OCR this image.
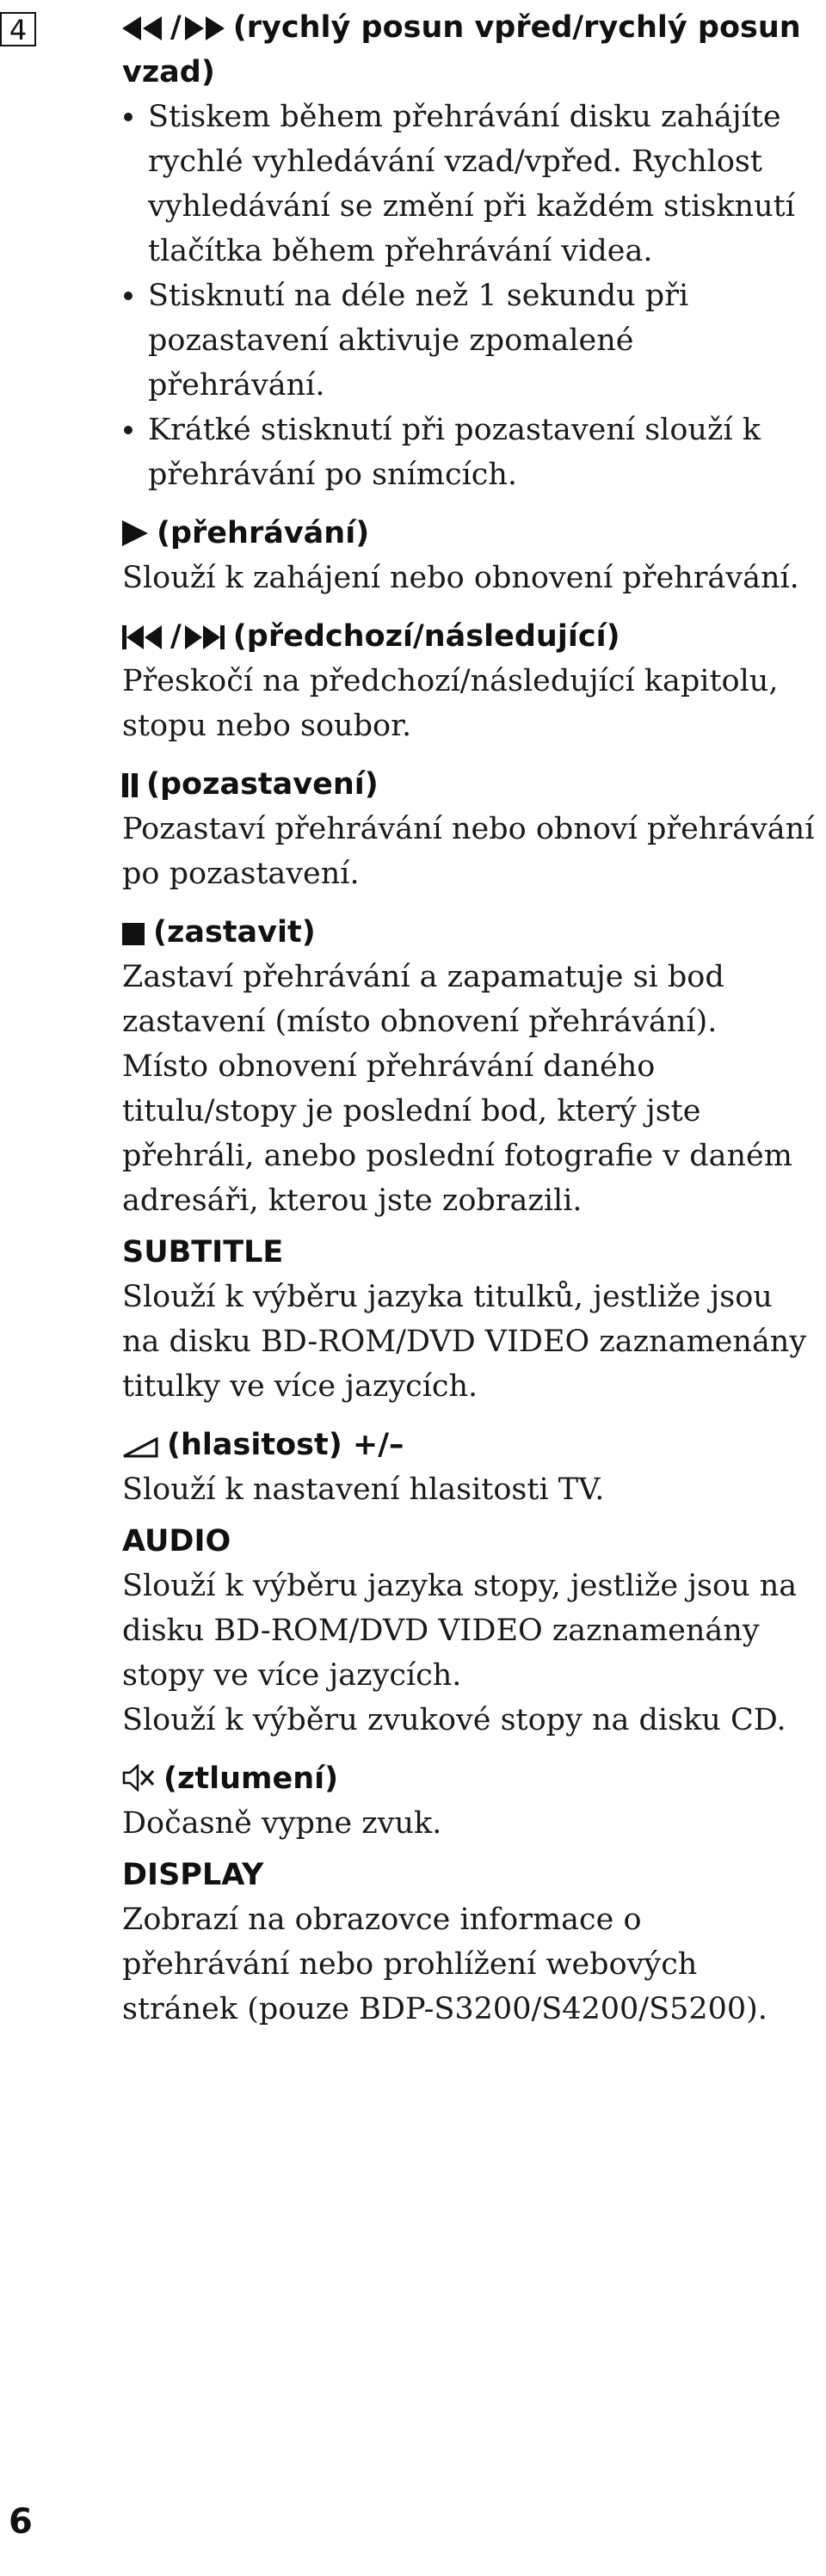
4	/ (rychlý posun vpřed/rychlý posun vzad)
Stiskem během přehrávání disku zahájíte rychlé vyhledávání vzad/vpřed. Rychlost vyhledávání se změní při každém stisknutí tlačítka během přehrávání videa.
Stisknutí na déle než 1 sekundu při pozastavení aktivuje zpomalené přehrávání.
Krátké stisknutí při pozastavení slouží k přehrávání po snímcích.
(přehrávání)
Slouží k zahájení nebo obnovení přehrávání.
/ (předchozí/následující)
Přeskočí na předchozí/následující kapitolu, stopu nebo soubor.
(pozastavení)
Pozastaví přehrávání nebo obnoví přehrávání po pozastavení.
(zastavit)
Zastaví přehrávání a zapamatuje si bod zastavení (místo obnovení přehrávání).
Místo obnovení přehrávání daného titulu/stopy je poslední bod, který jste přehráli, anebo poslední fotografie v daném adresáři, kterou jste zobrazili.
SUBTITLE
Slouží k výběru jazyka titulků, jestliže jsou na disku BD-ROM/DVD VIDEO zaznamenány titulky ve více jazycích.
(hlasitost) +/–
Slouží k nastavení hlasitosti TV.
AUDIO
Slouží k výběru jazyka stopy, jestliže jsou na disku BD-ROM/DVD VIDEO zaznamenány stopy ve více jazycích.
Slouží k výběru zvukové stopy na disku CD.
(ztlumení)
Dočasně vypne zvuk.
DISPLAY
Zobrazí na obrazovce informace o přehrávání nebo prohlížení webových stránek (pouze BDP-S3200/S4200/S5200).
6
